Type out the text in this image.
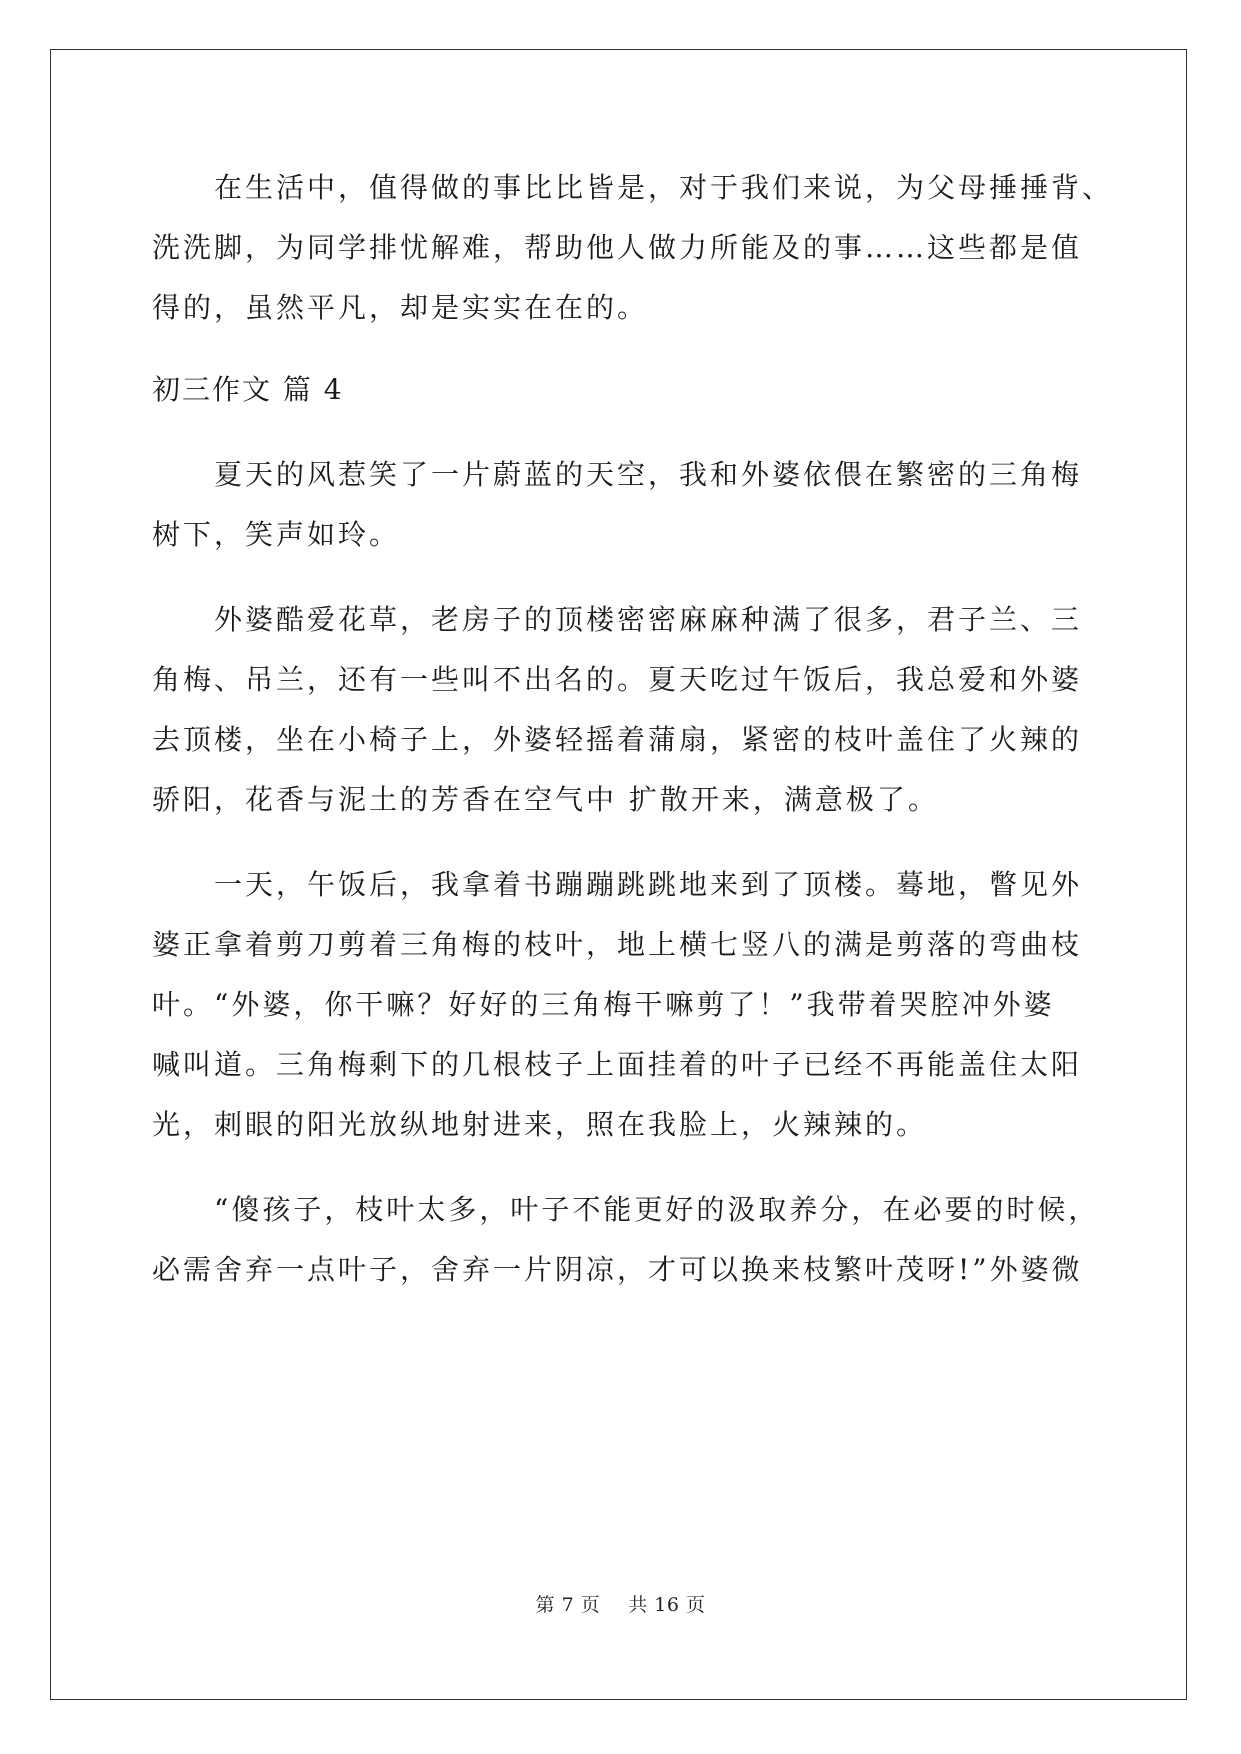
在生活中，值得做的事比比皆是，对于我们来说，为父母捶捶背、
洗洗脚，为同学排忧解难，帮助他人做力所能及的事……这些都是值
得的，虽然平凡，却是实实在在的。
初三作文 篇 4
夏天的风惹笑了一片蔚蓝的天空，我和外婆依偎在繁密的三角梅
树下，笑声如玲。
外婆酷爱花草，老房子的顶楼密密麻麻种满了很多，君子兰、三
角梅、吊兰，还有一些叫不出名的。夏天吃过午饭后，我总爱和外婆
去顶楼，坐在小椅子上，外婆轻摇着蒲扇，紧密的枝叶盖住了火辣的
骄阳，花香与泥土的芳香在空气中 扩散开来，满意极了。
一天，午饭后，我拿着书蹦蹦跳跳地来到了顶楼。蓦地，瞥见外
婆正拿着剪刀剪着三角梅的枝叶，地上横七竖八的满是剪落的弯曲枝
叶。“外婆，你干嘛？好好的三角梅干嘛剪了！”我带着哭腔冲外婆
喊叫道。三角梅剩下的几根枝子上面挂着的叶子已经不再能盖住太阳
光，刺眼的阳光放纵地射进来，照在我脸上，火辣辣的。
“傻孩子，枝叶太多，叶子不能更好的汲取养分，在必要的时候，
必需舍弃一点叶子，舍弃一片阴凉，才可以换来枝繁叶茂呀!”外婆微
第 7 页 共 16 页
